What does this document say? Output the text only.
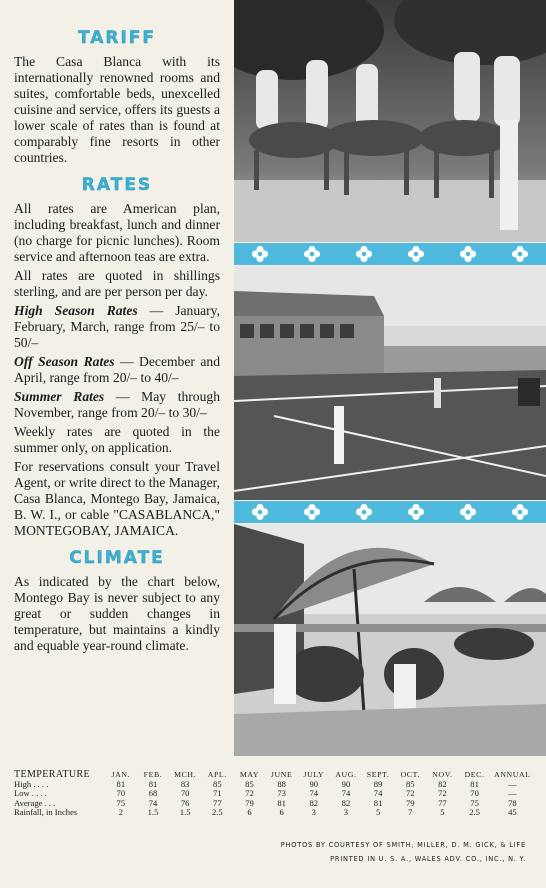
TARIFF

The Casa Blanca with its internationally renowned rooms and suites, comfortable beds, unexcelled cuisine and service, offers its guests a lower scale of rates than is found at comparably fine resorts in other countries.

RATES

All rates are American plan, including breakfast, lunch and dinner (no charge for picnic lunches). Room service and afternoon teas are extra.

All rates are quoted in shillings sterling, and are per person per day.

High Season Rates — January, February, March, range from 25/– to 50/–

Off Season Rates — December and April, range from 20/– to 40/–

Summer Rates — May through November, range from 20/– to 30/–

Weekly rates are quoted in the summer only, on application.

For reservations consult your Travel Agent, or write direct to the Manager, Casa Blanca, Montego Bay, Jamaica, B. W. I., or cable "CASABLANCA," MONTEGOBAY, JAMAICA.

CLIMATE

As indicated by the chart below, Montego Bay is never subject to any great or sudden changes in temperature, but maintains a kindly and equable year-round climate.

TEMPERATURE	JAN.	FEB.	MCH.	APL.	MAY	JUNE	JULY	AUG.	SEPT.	OCT.	NOV.	DEC.	ANNUAL
High . . . .	81	81	83	85	85	88	90	90	89	85	82	81	—
Low . . . .	70	68	70	71	72	73	74	74	74	72	72	70	—
Average . . .	75	74	76	77	79	81	82	82	81	79	77	75	78
Rainfall, in Inches	2	1.5	1.5	2.5	6	6	3	3	5	7	5	2.5	45
PHOTOS BY COURTESY OF SMITH, MILLER, D. M. GICK, & LIFE
PRINTED IN U. S. A., WALES ADV. CO., INC., N. Y.
